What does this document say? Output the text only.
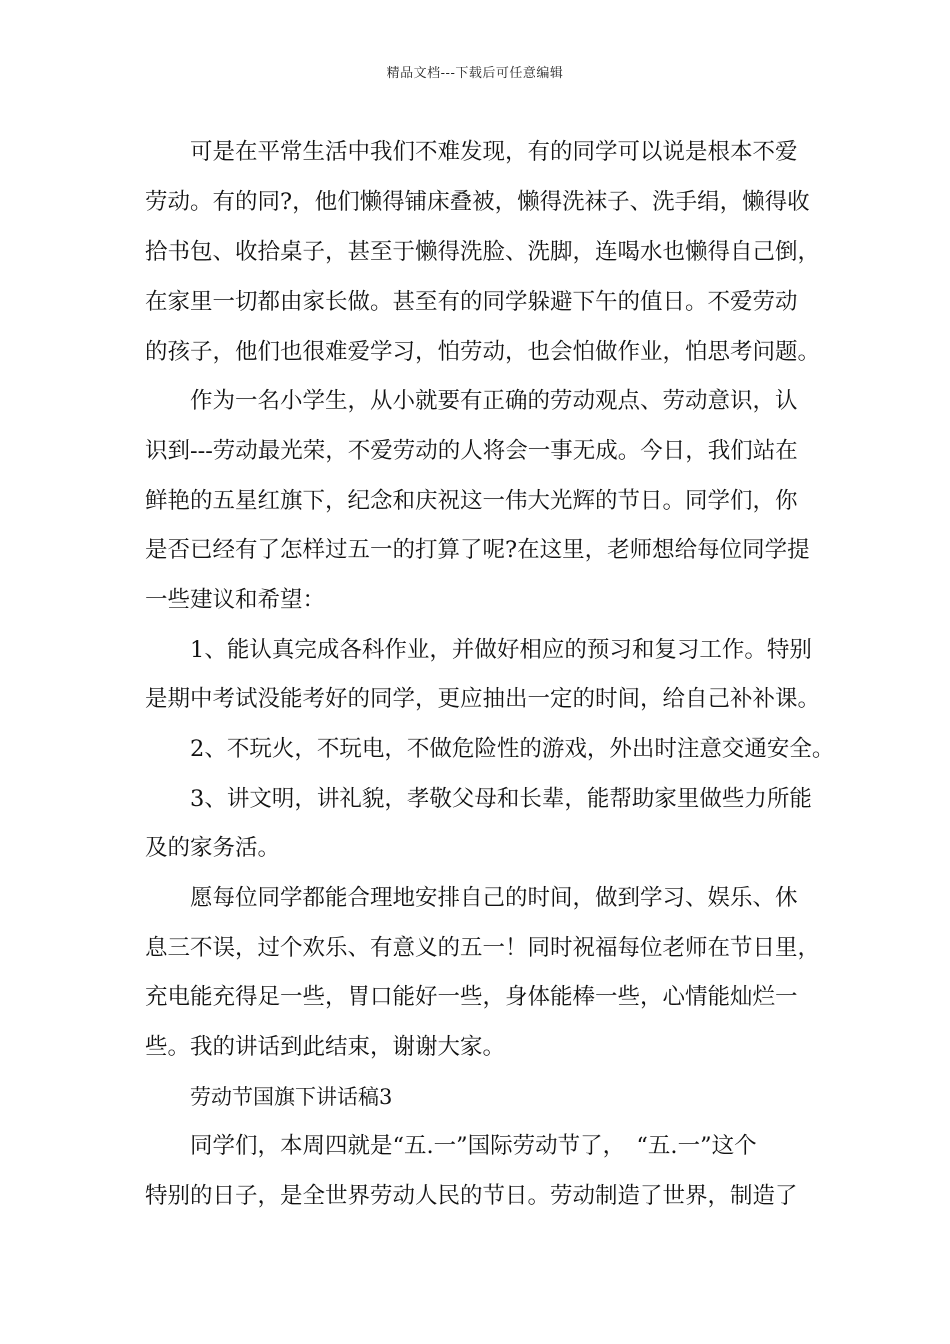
精品文档---下载后可任意编辑
可是在平常生活中我们不难发现，有的同学可以说是根本不爱
劳动。有的同?，他们懒得铺床叠被，懒得洗袜子、洗手绢，懒得收
拾书包、收拾桌子，甚至于懒得洗脸、洗脚，连喝水也懒得自己倒，
在家里一切都由家长做。甚至有的同学躲避下午的值日。不爱劳动
的孩子，他们也很难爱学习，怕劳动，也会怕做作业，怕思考问题。
作为一名小学生，从小就要有正确的劳动观点、劳动意识，认
识到---劳动最光荣，不爱劳动的人将会一事无成。今日，我们站在
鲜艳的五星红旗下，纪念和庆祝这一伟大光辉的节日。同学们，你
是否已经有了怎样过五一的打算了呢?在这里，老师想给每位同学提
一些建议和希望：
1、能认真完成各科作业，并做好相应的预习和复习工作。特别
是期中考试没能考好的同学，更应抽出一定的时间，给自己补补课。
2、不玩火，不玩电，不做危险性的游戏，外出时注意交通安全。
3、讲文明，讲礼貌，孝敬父母和长辈，能帮助家里做些力所能
及的家务活。
愿每位同学都能合理地安排自己的时间，做到学习、娱乐、休
息三不误，过个欢乐、有意义的五一！同时祝福每位老师在节日里，
充电能充得足一些，胃口能好一些，身体能棒一些，心情能灿烂一
些。我的讲话到此结束，谢谢大家。
劳动节国旗下讲话稿3
同学们，本周四就是“五.一”国际劳动节了，　“五.一”这个
特别的日子，是全世界劳动人民的节日。劳动制造了世界，制造了
